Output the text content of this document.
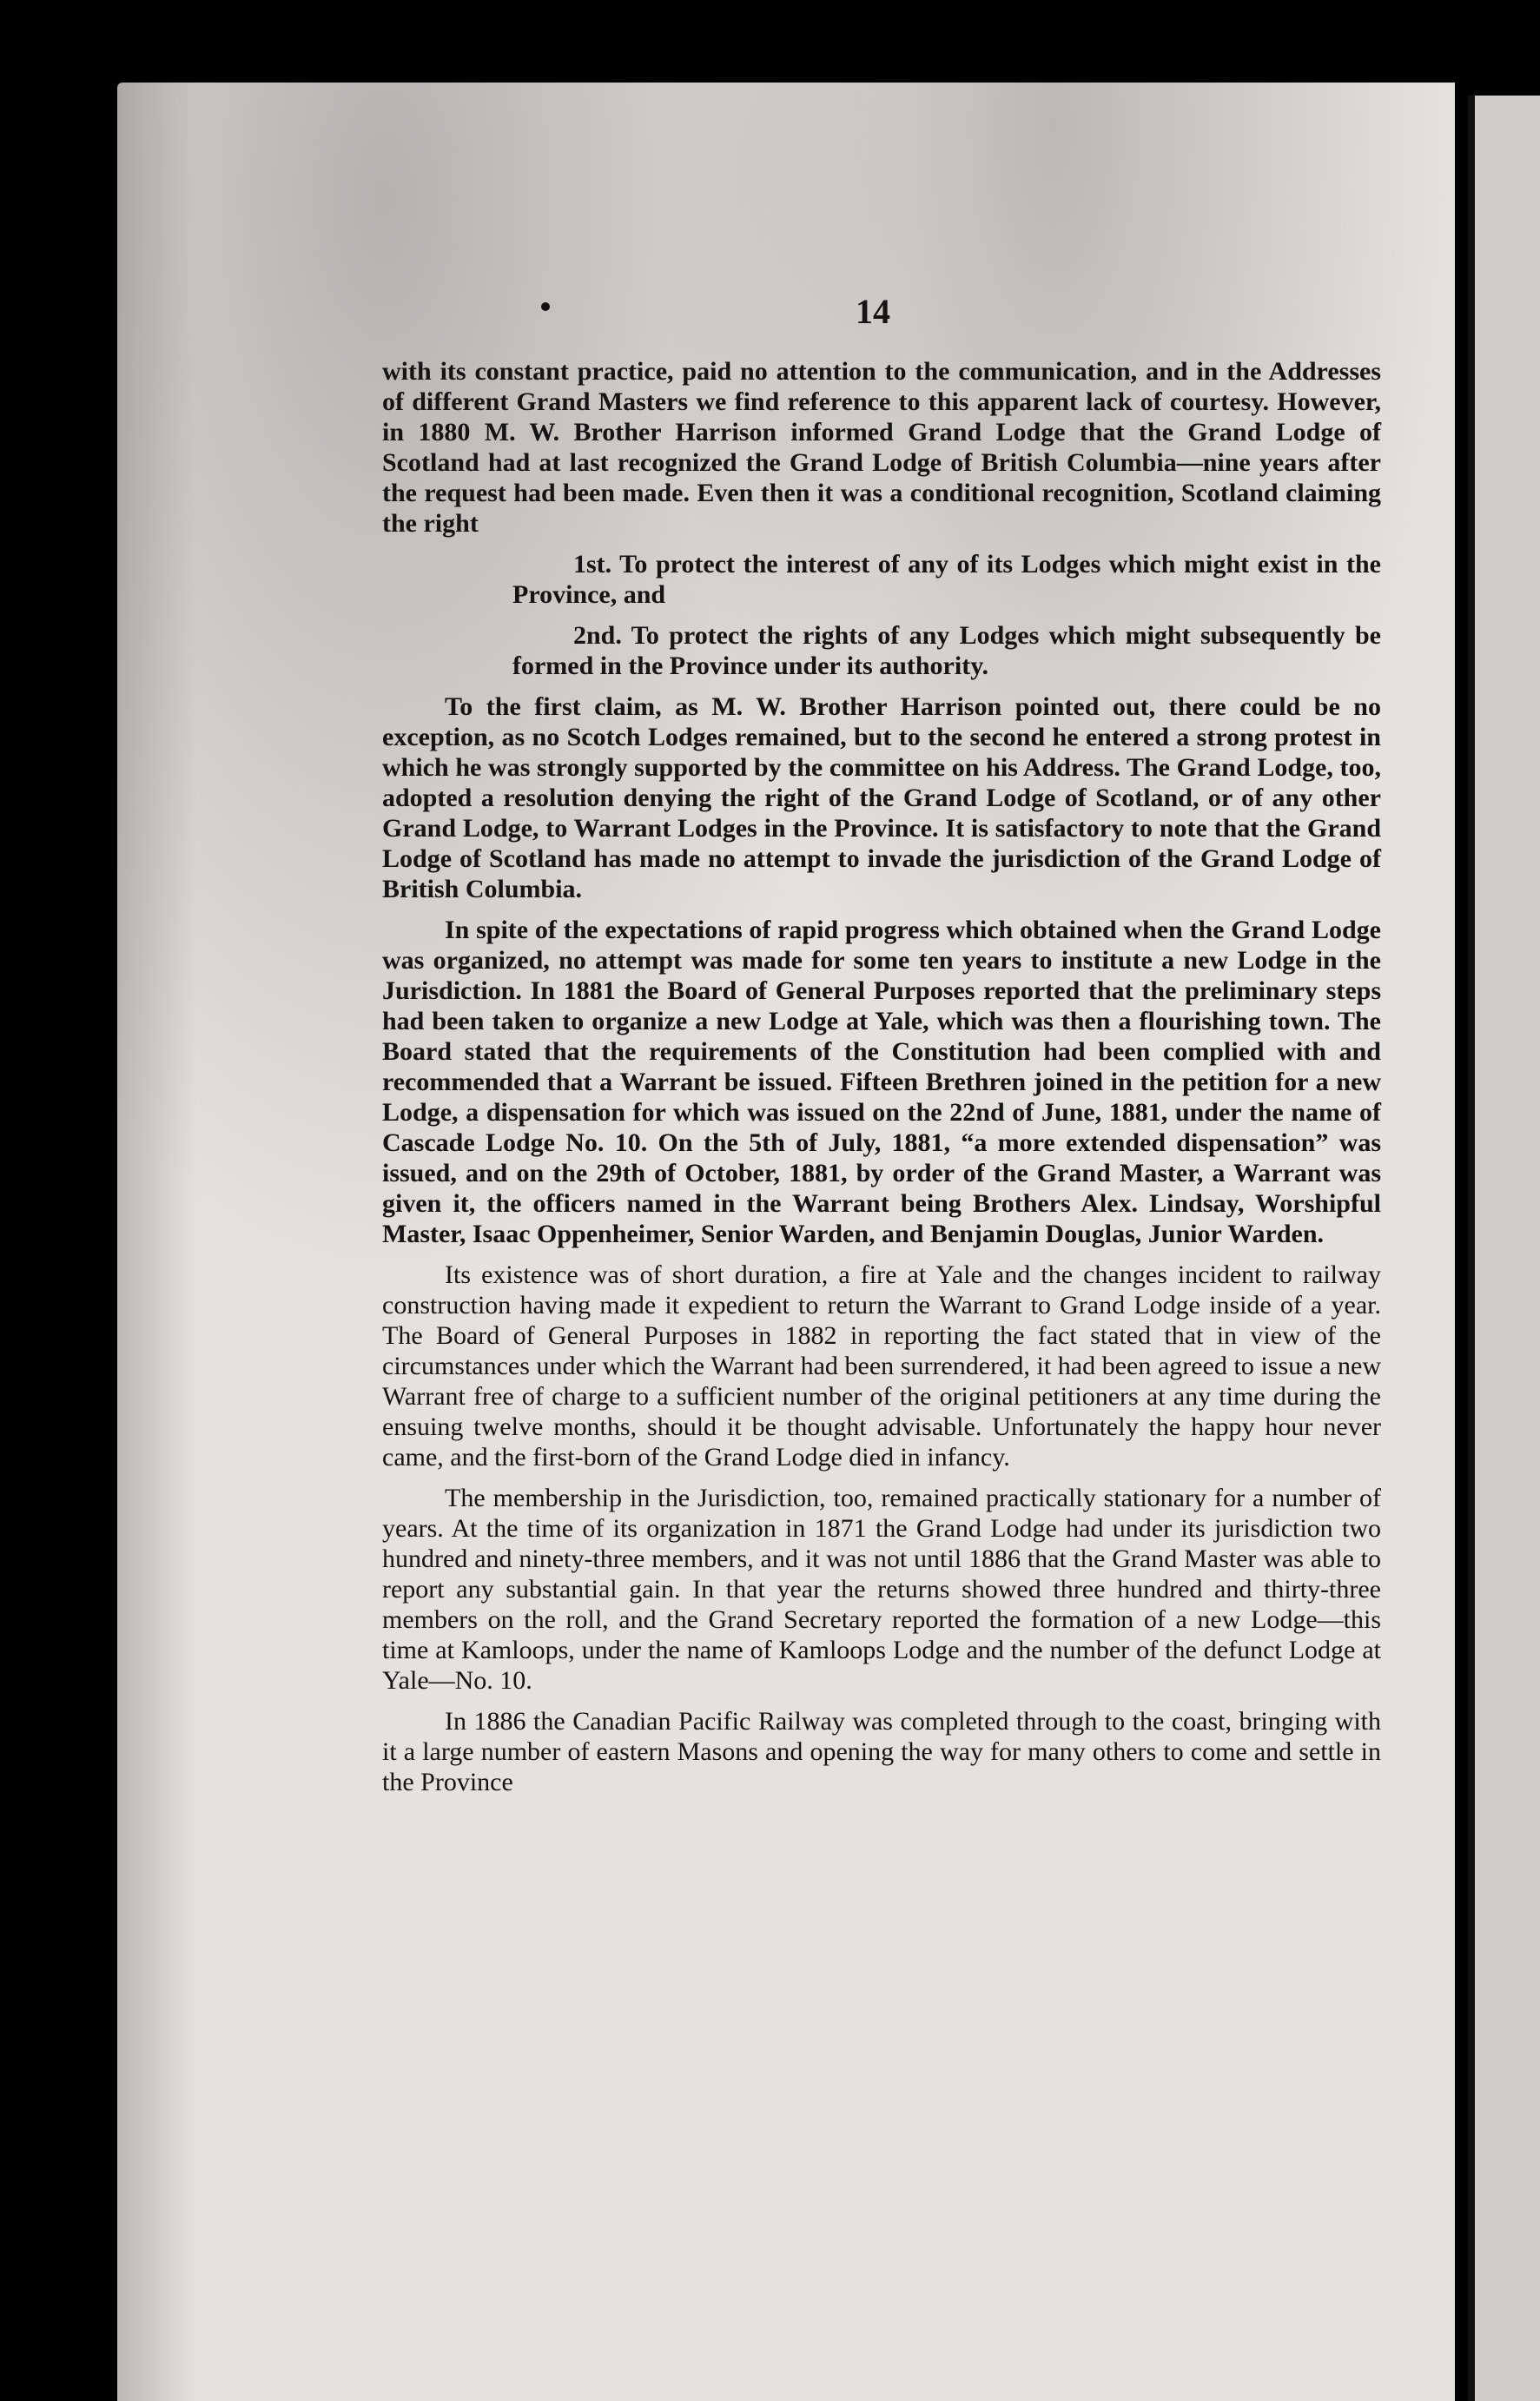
14

with its constant practice, paid no attention to the communication, and in the Addresses of different Grand Masters we find reference to this apparent lack of courtesy. However, in 1880 M. W. Brother Harrison informed Grand Lodge that the Grand Lodge of Scotland had at last recognized the Grand Lodge of British Columbia—nine years after the request had been made. Even then it was a conditional recognition, Scotland claiming the right

1st. To protect the interest of any of its Lodges which might exist in the Province, and

2nd. To protect the rights of any Lodges which might subsequently be formed in the Province under its authority.

To the first claim, as M. W. Brother Harrison pointed out, there could be no exception, as no Scotch Lodges remained, but to the second he entered a strong protest in which he was strongly supported by the committee on his Address. The Grand Lodge, too, adopted a resolution denying the right of the Grand Lodge of Scotland, or of any other Grand Lodge, to Warrant Lodges in the Province. It is satisfactory to note that the Grand Lodge of Scotland has made no attempt to invade the jurisdiction of the Grand Lodge of British Columbia.

In spite of the expectations of rapid progress which obtained when the Grand Lodge was organized, no attempt was made for some ten years to institute a new Lodge in the Jurisdiction. In 1881 the Board of General Purposes reported that the preliminary steps had been taken to organize a new Lodge at Yale, which was then a flourishing town. The Board stated that the requirements of the Constitution had been complied with and recommended that a Warrant be issued. Fifteen Brethren joined in the petition for a new Lodge, a dispensation for which was issued on the 22nd of June, 1881, under the name of Cascade Lodge No. 10. On the 5th of July, 1881, “a more extended dispensation” was issued, and on the 29th of October, 1881, by order of the Grand Master, a Warrant was given it, the officers named in the Warrant being Brothers Alex. Lindsay, Worshipful Master, Isaac Oppenheimer, Senior Warden, and Benjamin Douglas, Junior Warden.

Its existence was of short duration, a fire at Yale and the changes incident to railway construction having made it expedient to return the Warrant to Grand Lodge inside of a year. The Board of General Purposes in 1882 in reporting the fact stated that in view of the circumstances under which the Warrant had been surrendered, it had been agreed to issue a new Warrant free of charge to a sufficient number of the original petitioners at any time during the ensuing twelve months, should it be thought advisable. Unfortunately the happy hour never came, and the first-born of the Grand Lodge died in infancy.

The membership in the Jurisdiction, too, remained practically stationary for a number of years. At the time of its organization in 1871 the Grand Lodge had under its jurisdiction two hundred and ninety-three members, and it was not until 1886 that the Grand Master was able to report any substantial gain. In that year the returns showed three hundred and thirty-three members on the roll, and the Grand Secretary reported the formation of a new Lodge—this time at Kamloops, under the name of Kamloops Lodge and the number of the defunct Lodge at Yale—No. 10.

In 1886 the Canadian Pacific Railway was completed through to the coast, bringing with it a large number of eastern Masons and opening the way for many others to come and settle in the Province
